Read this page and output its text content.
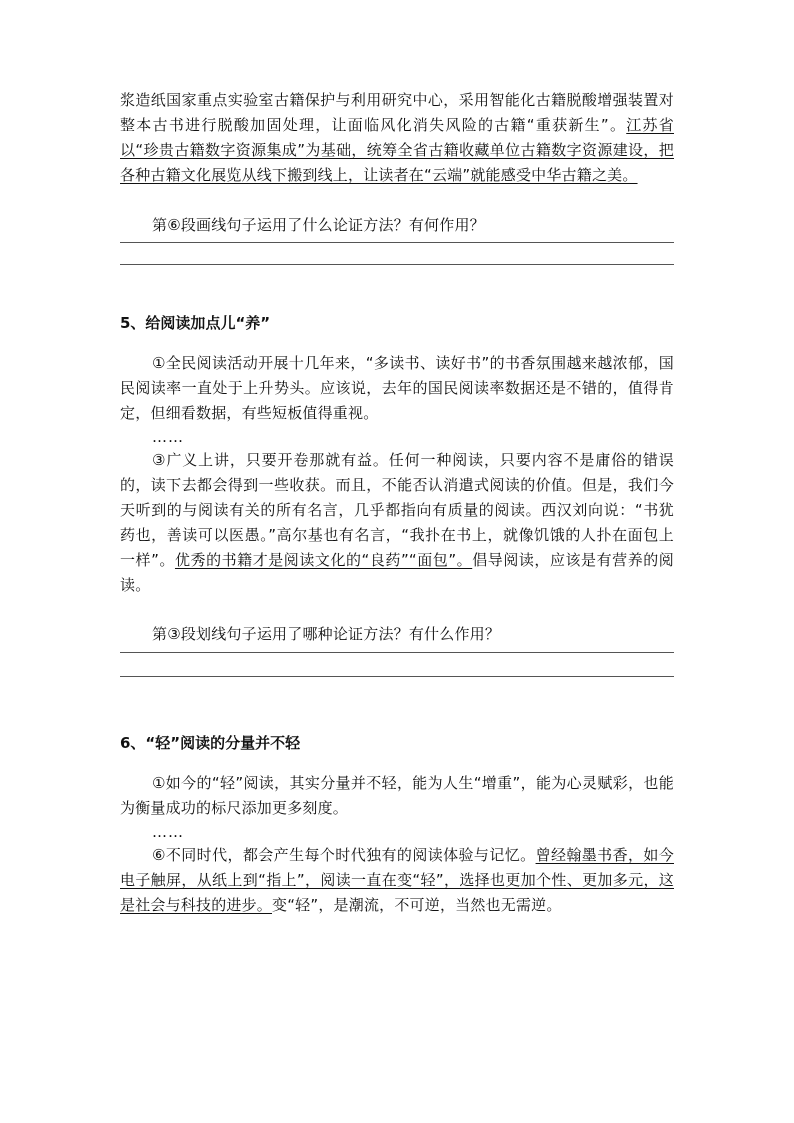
浆造纸国家重点实验室古籍保护与利用研究中心，采用智能化古籍脱酸增强装置对整本古书进行脱酸加固处理，让面临风化消失风险的古籍“重获新生”。江苏省以“珍贵古籍数字资源集成”为基础，统筹全省古籍收藏单位古籍数字资源建设，把各种古籍文化展览从线下搬到线上，让读者在“云端”就能感受中华古籍之美。

第⑥段画线句子运用了什么论证方法？有何作用？

5、给阅读加点儿“养”

①全民阅读活动开展十几年来，“多读书、读好书”的书香氛围越来越浓郁，国民阅读率一直处于上升势头。应该说，去年的国民阅读率数据还是不错的，值得肯定，但细看数据，有些短板值得重视。

……

③广义上讲，只要开卷那就有益。任何一种阅读，只要内容不是庸俗的错误的，读下去都会得到一些收获。而且，不能否认消遣式阅读的价值。但是，我们今天听到的与阅读有关的所有名言，几乎都指向有质量的阅读。西汉刘向说：“书犹药也，善读可以医愚。”高尔基也有名言，“我扑在书上，就像饥饿的人扑在面包上一样”。优秀的书籍才是阅读文化的“良药”“面包”。倡导阅读，应该是有营养的阅读。

第③段划线句子运用了哪种论证方法？有什么作用？

6、“轻”阅读的分量并不轻

①如今的“轻”阅读，其实分量并不轻，能为人生“增重”，能为心灵赋彩，也能为衡量成功的标尺添加更多刻度。

……

⑥不同时代，都会产生每个时代独有的阅读体验与记忆。曾经翰墨书香，如今电子触屏，从纸上到“指上”，阅读一直在变“轻”，选择也更加个性、更加多元，这是社会与科技的进步。变“轻”，是潮流，不可逆，当然也无需逆。
